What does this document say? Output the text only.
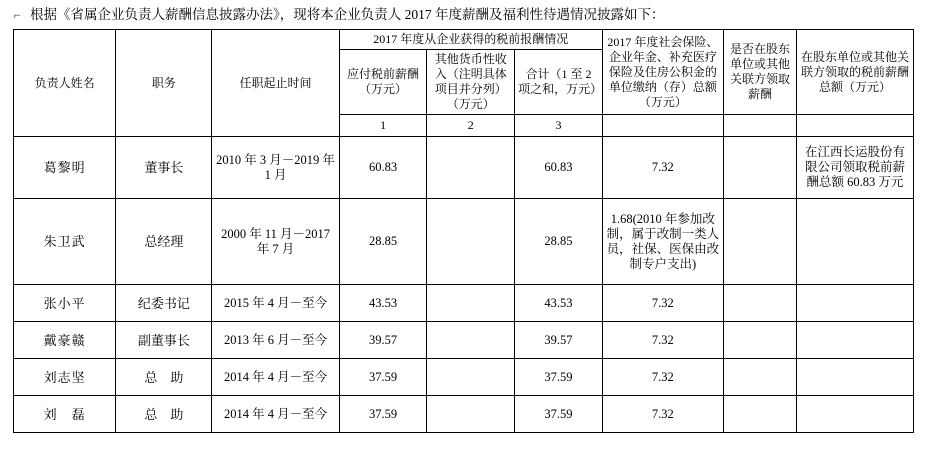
⌐ 根据《省属企业负责人薪酬信息披露办法》，现将本企业负责人 2017 年度薪酬及福利性待遇情况披露如下：
负责人姓名	职务	任职起止时间	2017 年度从企业获得的税前报酬情况			2017 年度社会保险、企业年金、补充医疗保险及住房公积金的单位缴纳（存）总额（万元）	是否在股东单位或其他关联方领取薪酬	在股东单位或其他关联方领取的税前薪酬总额（万元）
			应付税前薪酬（万元）	其他货币性收入（注明具体项目并分列）（万元）	合计（1 至 2 项之和，万元）			
			1	2	3			
葛黎明	董事长	2010 年 3 月－2019 年 1 月	60.83		60.83	7.32		在江西长运股份有限公司领取税前薪酬总额 60.83 万元
朱卫武	总经理	2000 年 11 月－2017 年 7 月	28.85		28.85	1.68(2010 年参加改制，属于改制一类人员，社保、医保由改制专户支出)		
张小平	纪委书记	2015 年 4 月－至今	43.53		43.53	7.32		
戴豪赣	副董事长	2013 年 6 月－至今	39.57		39.57	7.32		
刘志坚	总　助	2014 年 4 月－至今	37.59		37.59	7.32		
刘　磊	总　助	2014 年 4 月－至今	37.59		37.59	7.32		
